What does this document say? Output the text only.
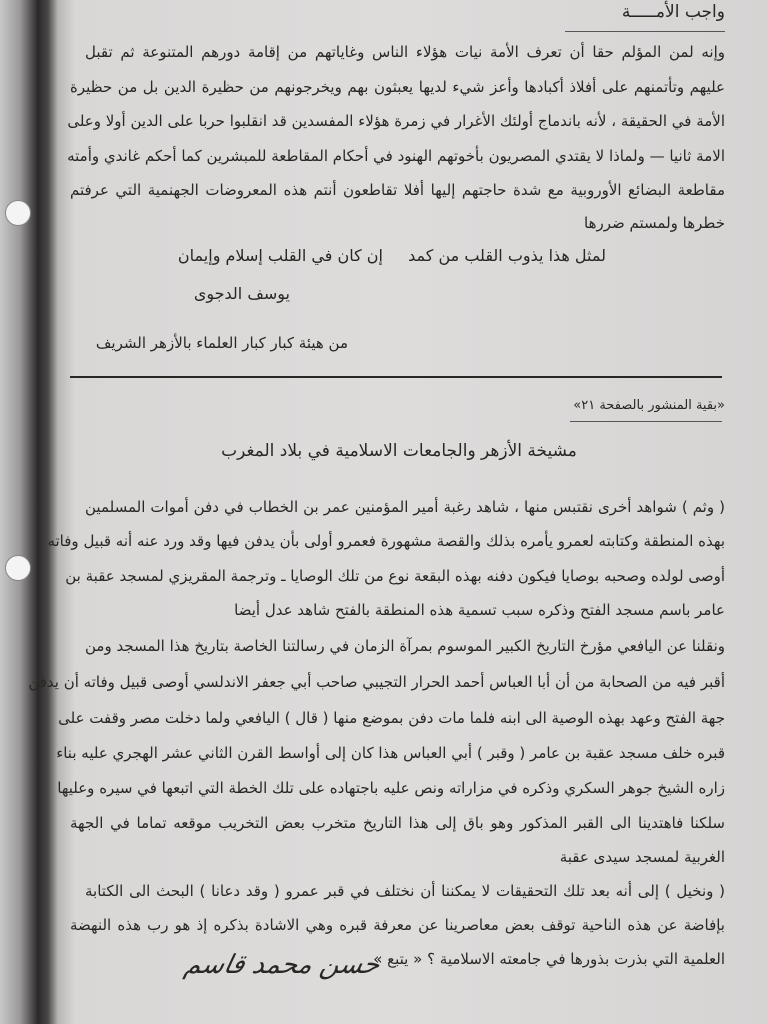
واجب الأمـــــة
وإنه لمن المؤلم حقا أن تعرف الأمة نيات هؤلاء الناس وغاياتهم من إقامة دورهم المتنوعة ثم تقبل
عليهم وتأتمنهم على أفلاذ أكبادها وأعز شيء لديها يعبثون بهم ويخرجونهم من حظيرة الدين بل من حظيرة
الأمة في الحقيقة ، لأنه باندماج أولئك الأغرار في زمرة هؤلاء المفسدين قد انقلبوا حربا على الدين أولا وعلى
الامة ثانيا — ولماذا لا يقتدي المصريون بأخوتهم الهنود في أحكام المقاطعة للمبشرين كما أحكم غاندي وأمته
مقاطعة البضائع الأوروبية مع شدة حاجتهم إليها أفلا تقاطعون أنتم هذه المعروضات الجهنمية التي عرفتم
خطرها ولمستم ضررها
لمثل هذا يذوب القلب من كمد
إن كان في القلب إسلام وإيمان
يوسف الدجوى
من هيئة كبار كبار العلماء بالأزهر الشريف
«بقية المنشور بالصفحة ٢١»
مشيخة الأزهر والجامعات الاسلامية في بلاد المغرب
( وثم ) شواهد أخرى نقتبس منها ، شاهد رغبة أمير المؤمنين عمر بن الخطاب في دفن أموات المسلمين
بهذه المنطقة وكتابته لعمرو يأمره بذلك والقصة مشهورة فعمرو أولى بأن يدفن فيها وقد ورد عنه أنه قبيل وفاته
أوصى لولده وصحبه بوصايا فيكون دفنه بهذه البقعة نوع من تلك الوصايا ـ وترجمة المقريزي لمسجد عقبة بن
عامر باسم مسجد الفتح وذكره سبب تسمية هذه المنطقة بالفتح شاهد عدل أيضا
ونقلنا عن اليافعي مؤرخ التاريخ الكبير الموسوم بمرآة الزمان في رسالتنا الخاصة بتاريخ هذا المسجد ومن
أقبر فيه من الصحابة من أن أبا العباس أحمد الحرار التجيبي صاحب أبي جعفر الاندلسي أوصى قبيل وفاته أن يدفن
جهة الفتح وعهد بهذه الوصية الى ابنه فلما مات دفن بموضع منها ( قال ) اليافعي ولما دخلت مصر وقفت على
قبره خلف مسجد عقبة بن عامر ( وقبر ) أبي العباس هذا كان إلى أواسط القرن الثاني عشر الهجري عليه بناء
زاره الشيخ جوهر السكري وذكره في مزاراته ونص عليه باجتهاده على تلك الخطة التي اتبعها في سيره وعليها
سلكنا فاهتدينا الى القبر المذكور وهو باق إلى هذا التاريخ متخرب بعض التخريب موقعه تماما في الجهة
الغربية لمسجد سيدى عقبة
( ونخيل ) إلى أنه بعد تلك التحقيقات لا يمكننا أن نختلف في قبر عمرو ( وقد دعانا ) البحث الى الكتابة
بإفاضة عن هذه الناحية توقف بعض معاصرينا عن معرفة قبره وهي الاشادة بذكره إذ هو رب هذه النهضة
العلمية التي بذرت بذورها في جامعته الاسلامية ؟ « يتبع »
حسن محمد قاسم
